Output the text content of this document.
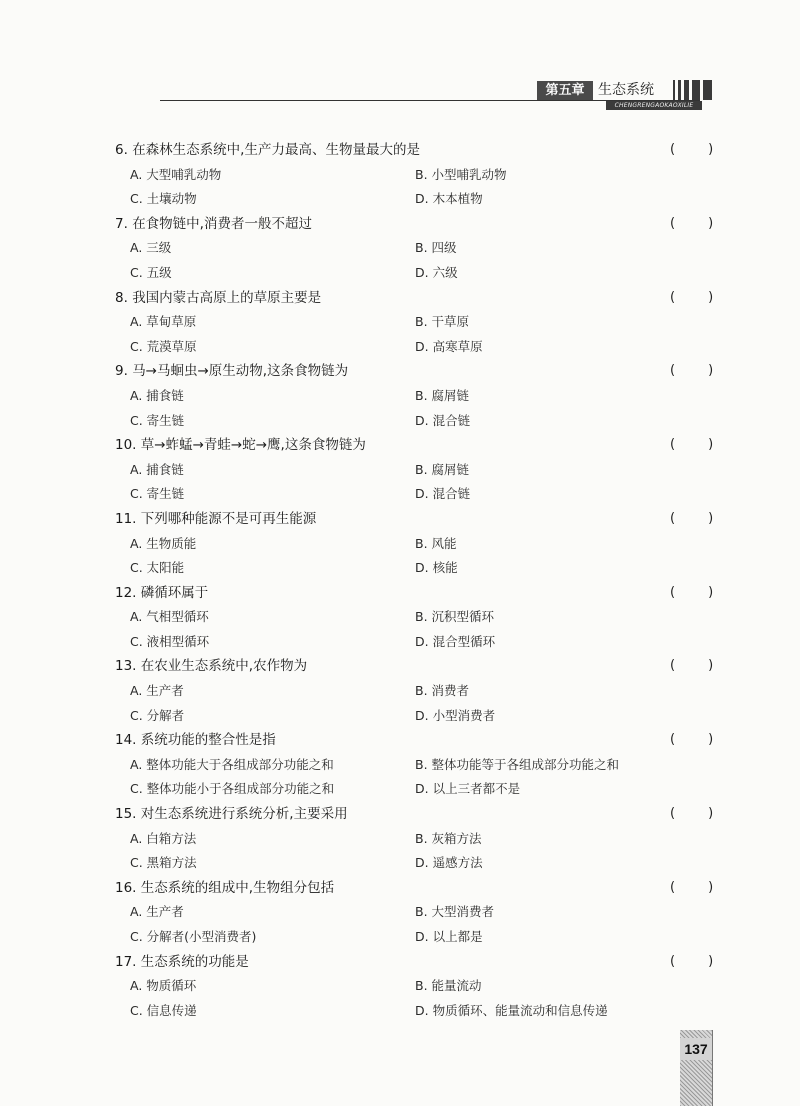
第五章 生态系统
CHENGRENGAOKAOXILIE
6. 在森林生态系统中,生产力最高、生物量最大的是	(        )
A. 大型哺乳动物	B. 小型哺乳动物
C. 土壤动物	D. 木本植物
7. 在食物链中,消费者一般不超过	(        )
A. 三级	B. 四级
C. 五级	D. 六级
8. 我国内蒙古高原上的草原主要是	(        )
A. 草甸草原	B. 干草原
C. 荒漠草原	D. 高寒草原
9. 马→马蛔虫→原生动物,这条食物链为	(        )
A. 捕食链	B. 腐屑链
C. 寄生链	D. 混合链
10. 草→蚱蜢→青蛙→蛇→鹰,这条食物链为	(        )
A. 捕食链	B. 腐屑链
C. 寄生链	D. 混合链
11. 下列哪种能源不是可再生能源	(        )
A. 生物质能	B. 风能
C. 太阳能	D. 核能
12. 磷循环属于	(        )
A. 气相型循环	B. 沉积型循环
C. 液相型循环	D. 混合型循环
13. 在农业生态系统中,农作物为	(        )
A. 生产者	B. 消费者
C. 分解者	D. 小型消费者
14. 系统功能的整合性是指	(        )
A. 整体功能大于各组成部分功能之和	B. 整体功能等于各组成部分功能之和
C. 整体功能小于各组成部分功能之和	D. 以上三者都不是
15. 对生态系统进行系统分析,主要采用	(        )
A. 白箱方法	B. 灰箱方法
C. 黑箱方法	D. 遥感方法
16. 生态系统的组成中,生物组分包括	(        )
A. 生产者	B. 大型消费者
C. 分解者(小型消费者)	D. 以上都是
17. 生态系统的功能是	(        )
A. 物质循环	B. 能量流动
C. 信息传递	D. 物质循环、能量流动和信息传递
137
